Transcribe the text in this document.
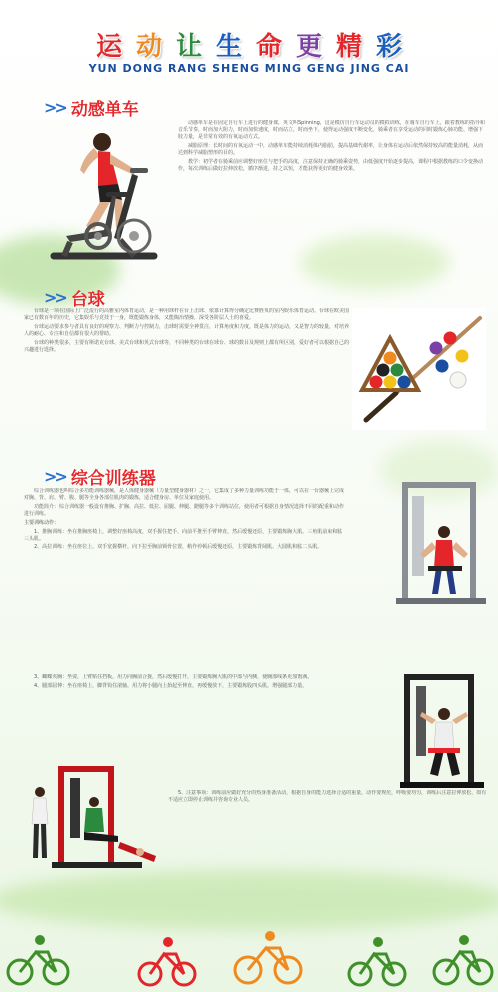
运 动 让 生 命 更 精 彩
YUN DONG RANG SHENG MING GENG JING CAI
>> 动感单车

动感单车是在固定自行车上进行的健身课，英文叫Spinning，这是模仿自行车运动员的模拟训练，在骑车自行车上，跟着教练的指导和音乐节奏，时而加大阻力，时而加快速度，时而站立，时而坐下，使得运动强度不断变化，骑乘者在享受运动的同时锻炼心肺功能、增强下肢力量，是非常有效的有氧运动方式。

减脂原理：长时间的有氧运动一中，动感单车能持续消耗体内脂肪，提高基础代谢率，让身体在运动后依然保持较高的能量消耗，从而达到科学减脂塑形的目的。

教学：初学者在骑乘前应调整好座位与把手的高度，注意保持正确的骑乘姿势，由低强度开始逐步提高，课程中根据教练的口令变换动作，每次训练后做好拉伸放松，循序渐进，持之以恒，才能获得更好的健身效果。

>> 台球

台球是一项在国际上广泛流行的高雅室内体育运动，是一种用球杆在台上击球、依靠计算得分确定比赛胜负的室内娱乐体育运动。台球在欧美国家已有数百年的历史，它集娱乐与竞技于一身，既能锻炼身体，又能陶冶情操，深受各阶层人士的喜爱。

台球运动要求参与者具有良好的观察力、判断力与控制力，击球时需要全神贯注，计算角度和力度，既是体力的运动，又是智力的较量，对培养人的耐心、专注和自信都有很大的帮助。

台球的种类很多，主要有斯诺克台球、美式台球和英式台球等，不同种类的台球在球台、球的数目及规则上都有所区别，爱好者可以根据自己的兴趣进行选择。

>> 综合训练器

综合训练器也叫综合多功能训练器械，是人体健身器械（力量型健身器材）之一，它集成了多种力量训练功能于一体，可以在一台器械上完成对胸、背、肩、臂、腹、腿等全身各部位肌肉的锻炼，适合健身房、单位及家庭使用。

功能简介：综合训练器一般设有推胸、扩胸、高拉、低拉、屈腿、伸腿、蹬腿等多个训练站位，使用者可根据自身情况选择不同的配重和动作进行训练。

主要训练动作：

1、推胸训练：坐在推胸座椅上，调整好座椅高度，双手握住把手，向前平推至手臂伸直，然后缓慢还原，主要锻炼胸大肌、三角肌前束和肱三头肌。

2、高拉训练：坐在座位上，双手宽握横杆，向下拉至胸前锁骨位置，稍作停顿后缓慢还原，主要锻炼背阔肌、大圆肌和肱二头肌。

3、蝴蝶夹胸：坐姿，上臂贴住挡板，用力向胸前合拢，然后缓慢打开，主要锻炼胸大肌的中部与内侧，使胸部线条更加饱满。

4、腿部屈伸：坐在座椅上，脚背钩住滚轴，用力将小腿向上抬起至伸直，再缓慢放下，主要锻炼股四头肌，增强腿部力量。

5、注意事项：训练前应做好充分的热身准备活动，根据自身的能力选择合适的重量，动作要规范，呼吸要均匀，训练后注意拉伸放松，如有不适应立即停止训练并咨询专业人员。
